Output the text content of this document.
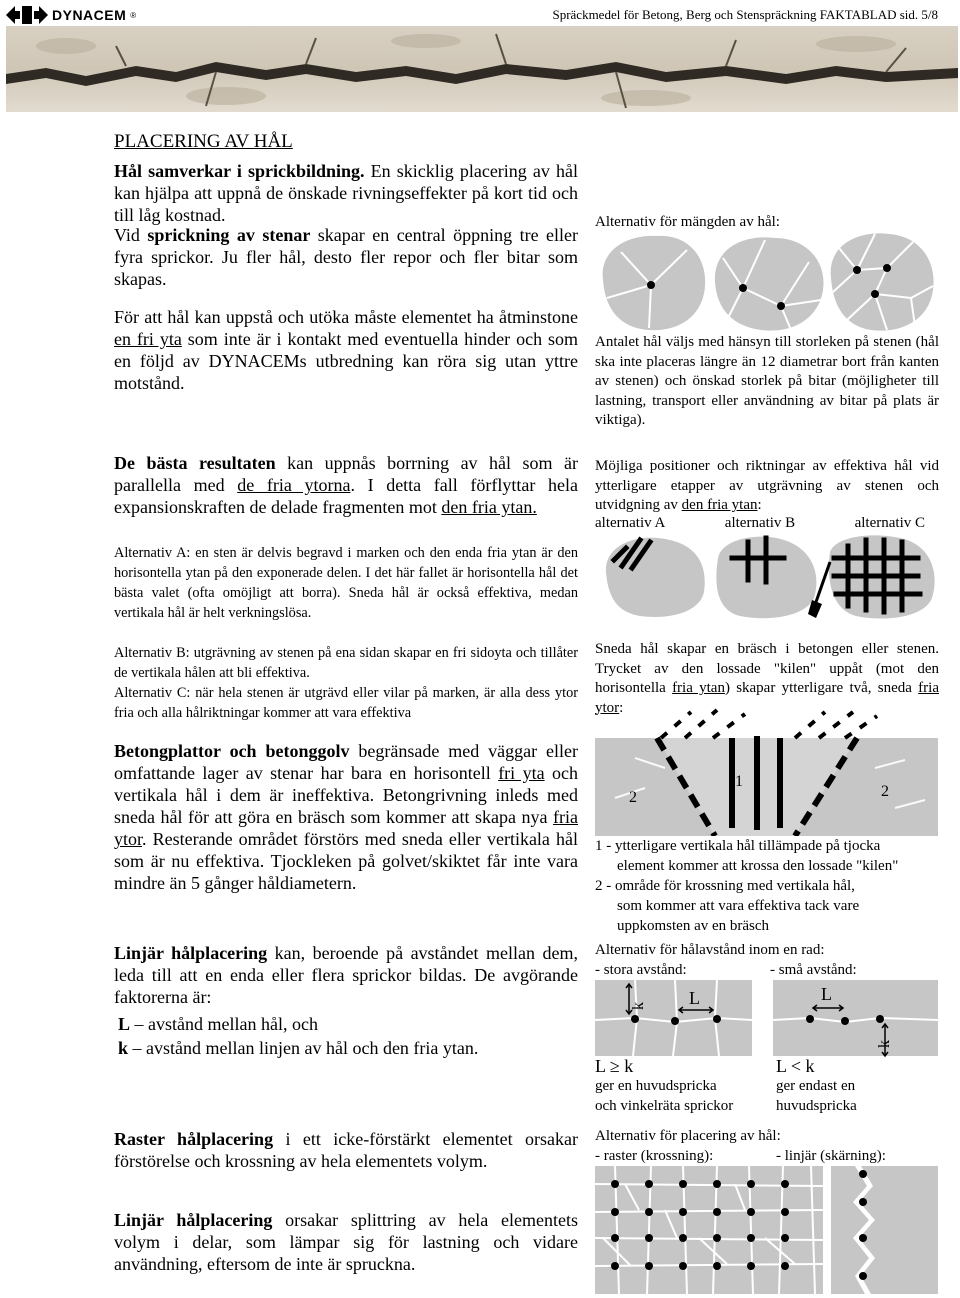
DYNACEM ®	Spräckmedel för Betong, Berg och Stenspräckning FAKTABLAD sid. 5/8
PLACERING AV HÅL
Hål samverkar i sprickbildning. En skicklig placering av hål kan hjälpa att uppnå de önskade rivningseffekter på kort tid och till låg kostnad.
Vid sprickning av stenar skapar en central öppning tre eller fyra sprickor. Ju fler hål, desto fler repor och fler bitar som skapas.
För att hål kan uppstå och utöka måste elementet ha åtminstone en fri yta som inte är i kontakt med eventuella hinder och som en följd av DYNACEMs utbredning kan röra sig utan yttre motstånd.
De bästa resultaten kan uppnås borrning av hål som är parallella med de fria ytorna. I detta fall förflyttar hela expansionskraften de delade fragmenten mot den fria ytan.
Alternativ A: en sten är delvis begravd i marken och den enda fria ytan är den horisontella ytan på den exponerade delen. I det här fallet är horisontella hål det bästa valet (ofta omöjligt att borra). Sneda hål är också effektiva, medan vertikala hål är helt verkningslösa.
Alternativ B: utgrävning av stenen på ena sidan skapar en fri sidoyta och tillåter de vertikala hålen att bli effektiva.
Alternativ C: när hela stenen är utgrävd eller vilar på marken, är alla dess ytor fria och alla hålriktningar kommer att vara effektiva
Betongplattor och betonggolv begränsade med väggar eller omfattande lager av stenar har bara en horisontell fri yta och vertikala hål i dem är ineffektiva. Betongrivning inleds med sneda hål för att göra en bräsch som kommer att skapa nya fria ytor. Resterande området förstörs med sneda eller vertikala hål som är nu effektiva. Tjockleken på golvet/skiktet får inte vara mindre än 5 gånger håldiametern.
Linjär hålplacering kan, beroende på avståndet mellan dem, leda till att en enda eller flera sprickor bildas. De avgörande faktorerna är:
L – avstånd mellan hål, och
k – avstånd mellan linjen av hål och den fria ytan.
Raster hålplacering i ett icke-förstärkt elementet orsakar förstörelse och krossning av hela elementets volym.
Linjär hålplacering orsakar splittring av hela elementets volym i delar, som lämpar sig för lastning och vidare användning, eftersom de inte är spruckna.
Alternativ för mängden av hål:
Antalet hål väljs med hänsyn till storleken på stenen (hål ska inte placeras längre än 12 diametrar bort från kanten av stenen) och önskad storlek på bitar (möjligheter till lastning, transport eller användning av bitar på plats är viktiga).
Möjliga positioner och riktningar av effektiva hål vid ytterligare etapper av utgrävning av stenen och utvidgning av den fria ytan:
alternativ A	alternativ B	alternativ C
Sneda hål skapar en bräsch i betongen eller stenen. Trycket av den lossade "kilen" uppåt (mot den horisontella fria ytan) skapar ytterligare två, sneda fria ytor:
2
1
2
1 - ytterligare vertikala hål tillämpade på tjocka
element kommer att krossa den lossade "kilen"
2 - område för krossning med vertikala hål,
som kommer att vara effektiva tack vare
uppkomsten av en bräsch
Alternativ för hålavstånd inom en rad:
- stora avstånd:	- små avstånd:
k L	L
k
L ≥ k	L < k
ger en huvudspricka
och vinkelräta sprickor
ger endast en
huvudspricka
Alternativ för placering av hål:
- raster (krossning):	- linjär (skärning):
